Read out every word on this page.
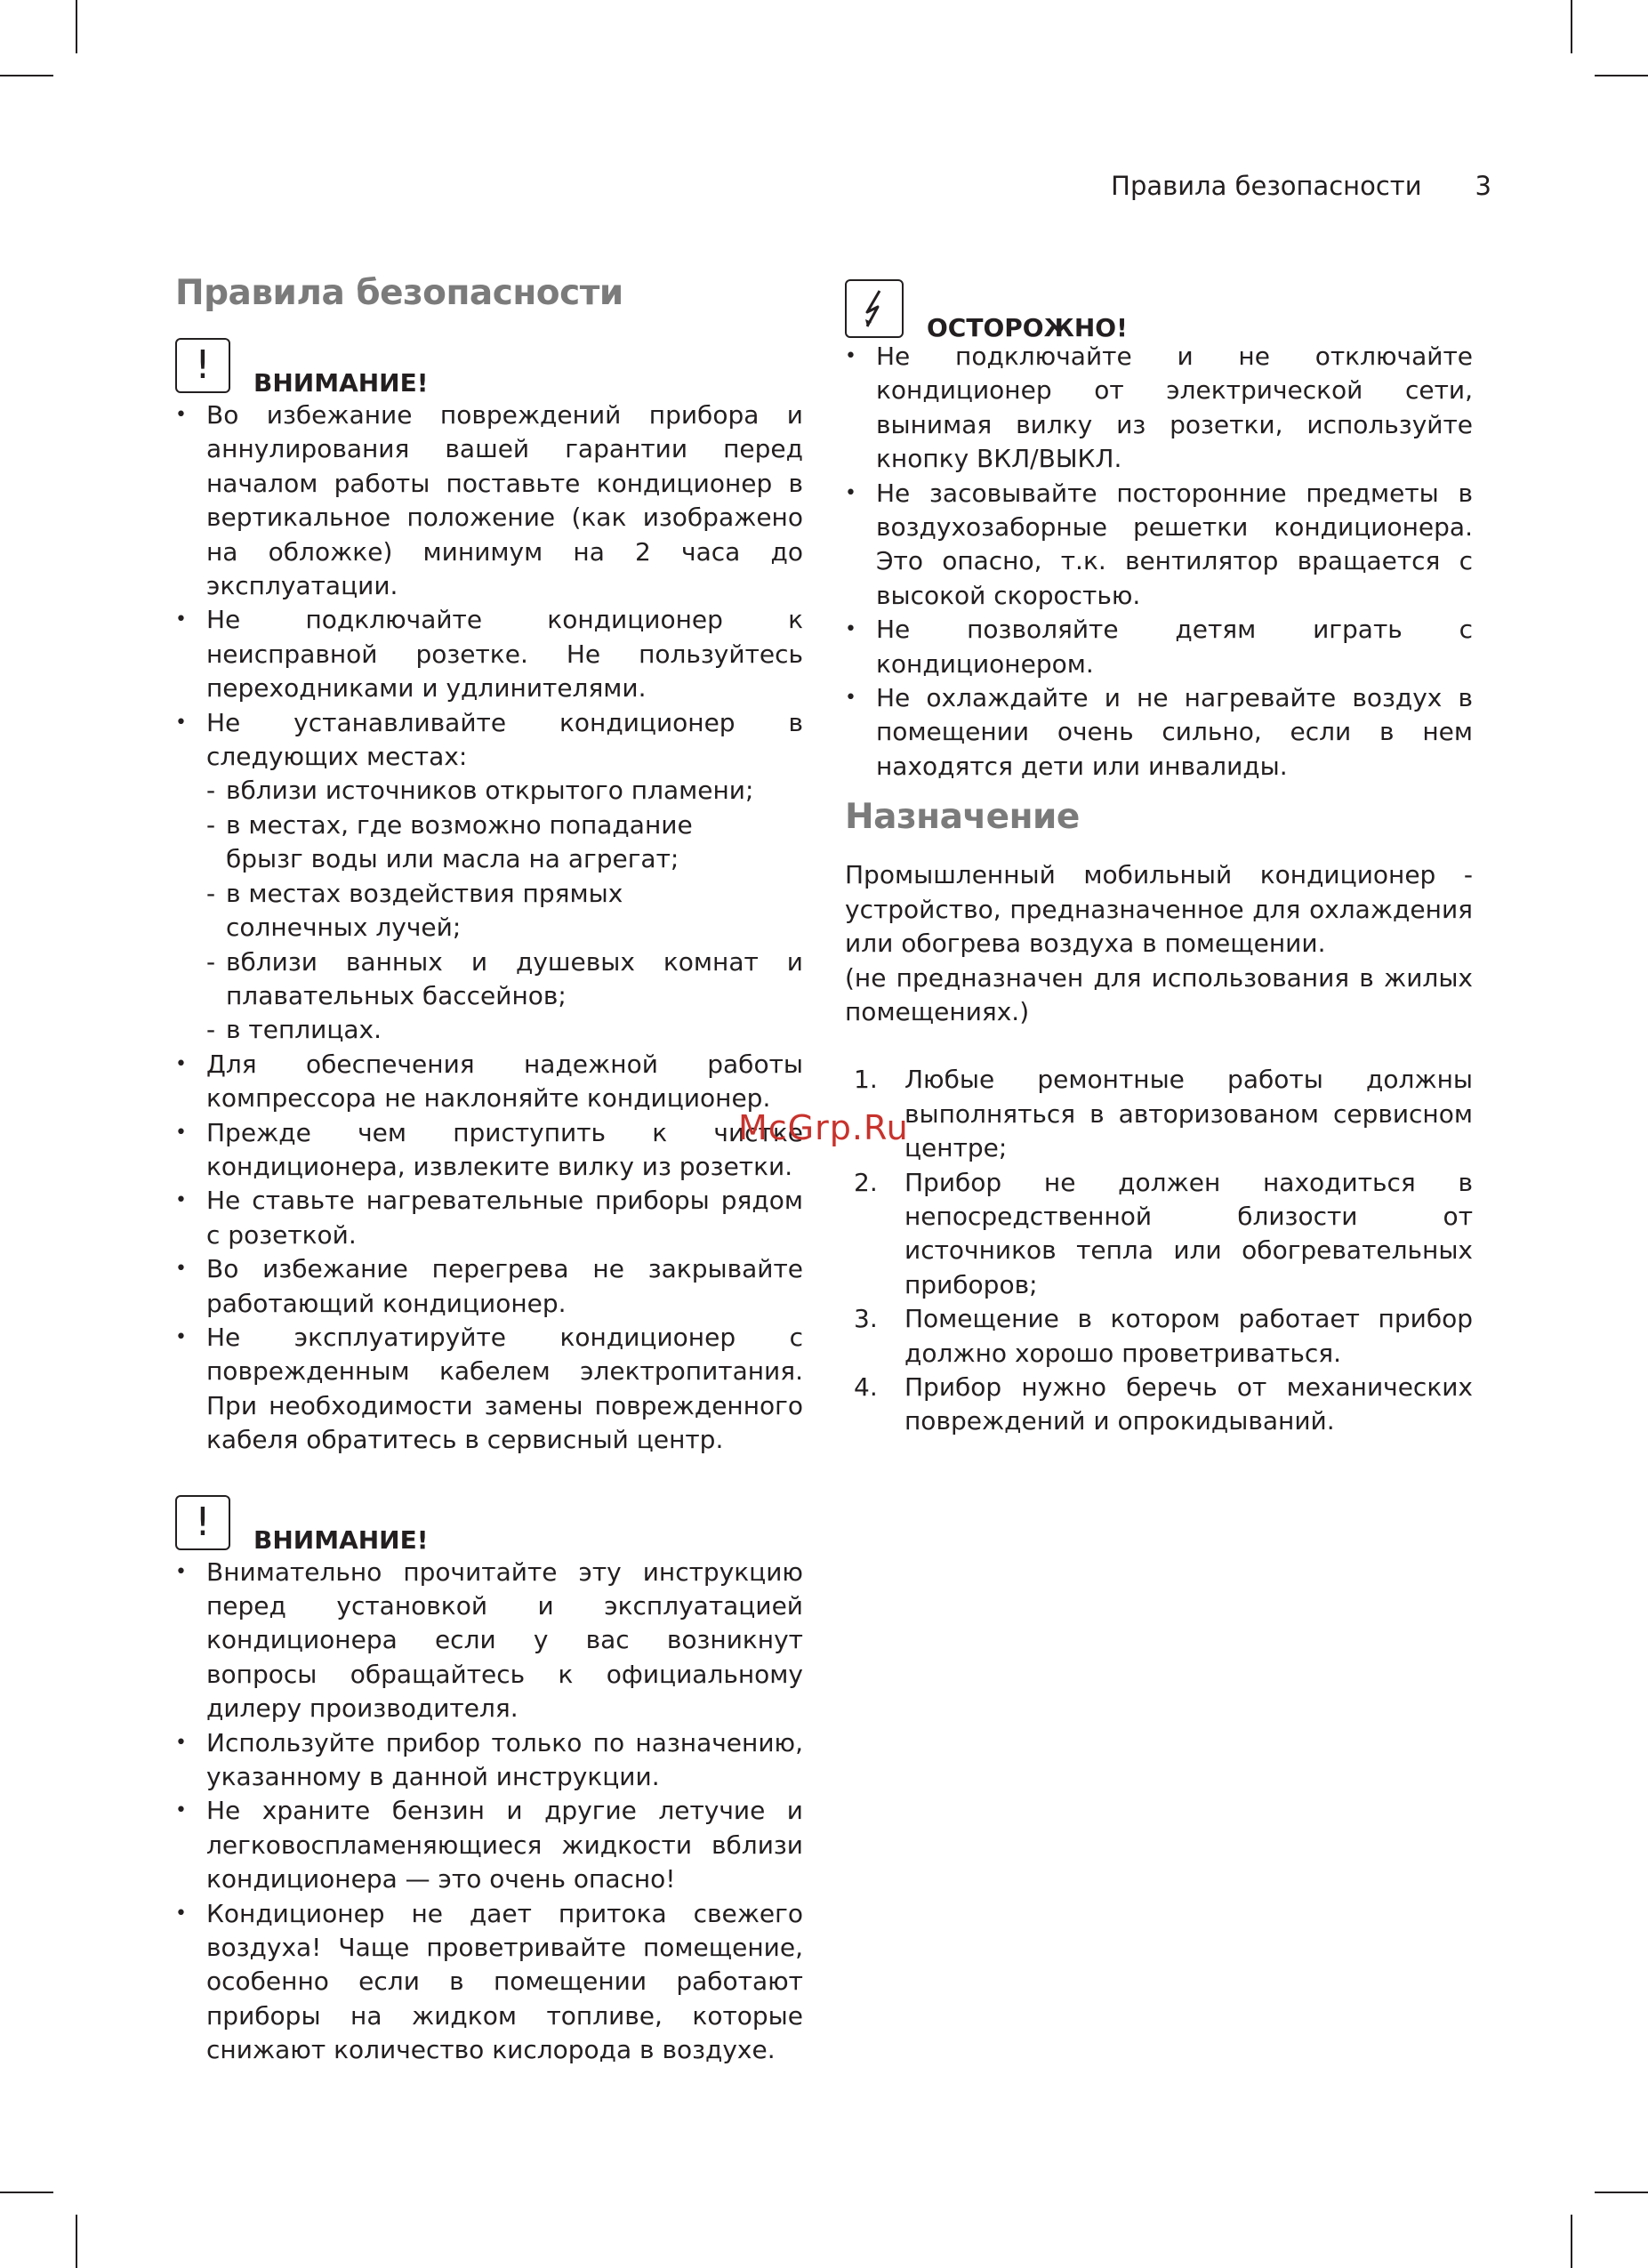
Правила безопасности 3
Правила безопасности
!	ВНИМАНИЕ!
• Во избежание повреждений прибора и аннулирования вашей гарантии перед началом работы поставьте кондиционер в вертикальное положение (как изображено на обложке) минимум на 2 часа до эксплуатации.
• Не подключайте кондиционер к неисправной розетке. Не пользуйтесь переходниками и удлинителями.
• Не устанавливайте кондиционер в следующих местах:
- вблизи источников открытого пламени;
- в местах, где возможно попадание брызг воды или масла на агрегат;
- в местах воздействия прямых солнечных лучей;
- вблизи ванных и душевых комнат и плавательных бассейнов;
- в теплицах.
• Для обеспечения надежной работы компрессора не наклоняйте кондиционер.
• Прежде чем приступить к чистке кондиционера, извлеките вилку из розетки.
• Не ставьте нагревательные приборы рядом с розеткой.
• Во избежание перегрева не закрывайте работающий кондиционер.
• Не эксплуатируйте кондиционер с поврежденным кабелем электропитания. При необходимости замены поврежденного кабеля обратитесь в сервисный центр.
!	ВНИМАНИЕ!
• Внимательно прочитайте эту инструкцию перед установкой и эксплуатацией кондиционера если у вас возникнут вопросы обращайтесь к официальному дилеру производителя.
• Используйте прибор только по назначению, указанному в данной инструкции.
• Не храните бензин и другие летучие и легковоспламеняющиеся жидкости вблизи кондиционера — это очень опасно!
• Кондиционер не дает притока свежего воздуха! Чаще проветривайте помещение, особенно если в помещении работают приборы на жидком топливе, которые снижают количество кислорода в воздухе.
ОСТОРОЖНО!
• Не подключайте и не отключайте кондиционер от электрической сети, вынимая вилку из розетки, используйте кнопку ВКЛ/ВЫКЛ.
• Не засовывайте посторонние предметы в воздухозаборные решетки кондиционера. Это опасно, т.к. вентилятор вращается с высокой скоростью.
• Не позволяйте детям играть с кондиционером.
• Не охлаждайте и не нагревайте воздух в помещении очень сильно, если в нем находятся дети или инвалиды.
Назначение

Промышленный мобильный кондиционер - устройство, предназначенное для охлаждения или обогрева воздуха в помещении.

(не предназначен для использования в жилых помещениях.)

1. Любые ремонтные работы должны выполняться в авторизованом сервисном центре;
2. Прибор не должен находиться в непосредственной близости от источников тепла или обогревательных приборов;
3. Помещение в котором работает прибор должно хорошо проветриваться.
4. Прибор нужно беречь от механических повреждений и опрокидываний.
McGrp.Ru
